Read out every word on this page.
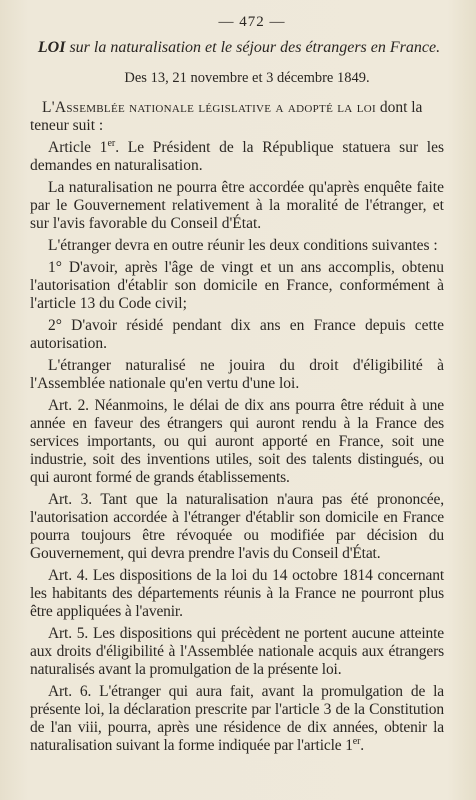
— 472 —
LOI sur la naturalisation et le séjour des étrangers en France.
Des 13, 21 novembre et 3 décembre 1849.
L'Assemblée nationale législative a adopté la loi dont la teneur suit :

Article 1er. Le Président de la République statuera sur les demandes en naturalisation.

La naturalisation ne pourra être accordée qu'après enquête faite par le Gouvernement relativement à la moralité de l'étranger, et sur l'avis favorable du Conseil d'État.

L'étranger devra en outre réunir les deux conditions suivantes :

1° D'avoir, après l'âge de vingt et un ans accomplis, obtenu l'autorisation d'établir son domicile en France, conformément à l'article 13 du Code civil;

2° D'avoir résidé pendant dix ans en France depuis cette autorisation.

L'étranger naturalisé ne jouira du droit d'éligibilité à l'Assemblée nationale qu'en vertu d'une loi.

Art. 2. Néanmoins, le délai de dix ans pourra être réduit à une année en faveur des étrangers qui auront rendu à la France des services importants, ou qui auront apporté en France, soit une industrie, soit des inventions utiles, soit des talents distingués, ou qui auront formé de grands établissements.

Art. 3. Tant que la naturalisation n'aura pas été prononcée, l'autorisation accordée à l'étranger d'établir son domicile en France pourra toujours être révoquée ou modifiée par décision du Gouvernement, qui devra prendre l'avis du Conseil d'État.

Art. 4. Les dispositions de la loi du 14 octobre 1814 concernant les habitants des départements réunis à la France ne pourront plus être appliquées à l'avenir.

Art. 5. Les dispositions qui précèdent ne portent aucune atteinte aux droits d'éligibilité à l'Assemblée nationale acquis aux étrangers naturalisés avant la promulgation de la présente loi.

Art. 6. L'étranger qui aura fait, avant la promulgation de la présente loi, la déclaration prescrite par l'article 3 de la Constitution de l'an viii, pourra, après une résidence de dix années, obtenir la naturalisation suivant la forme indiquée par l'article 1er.
